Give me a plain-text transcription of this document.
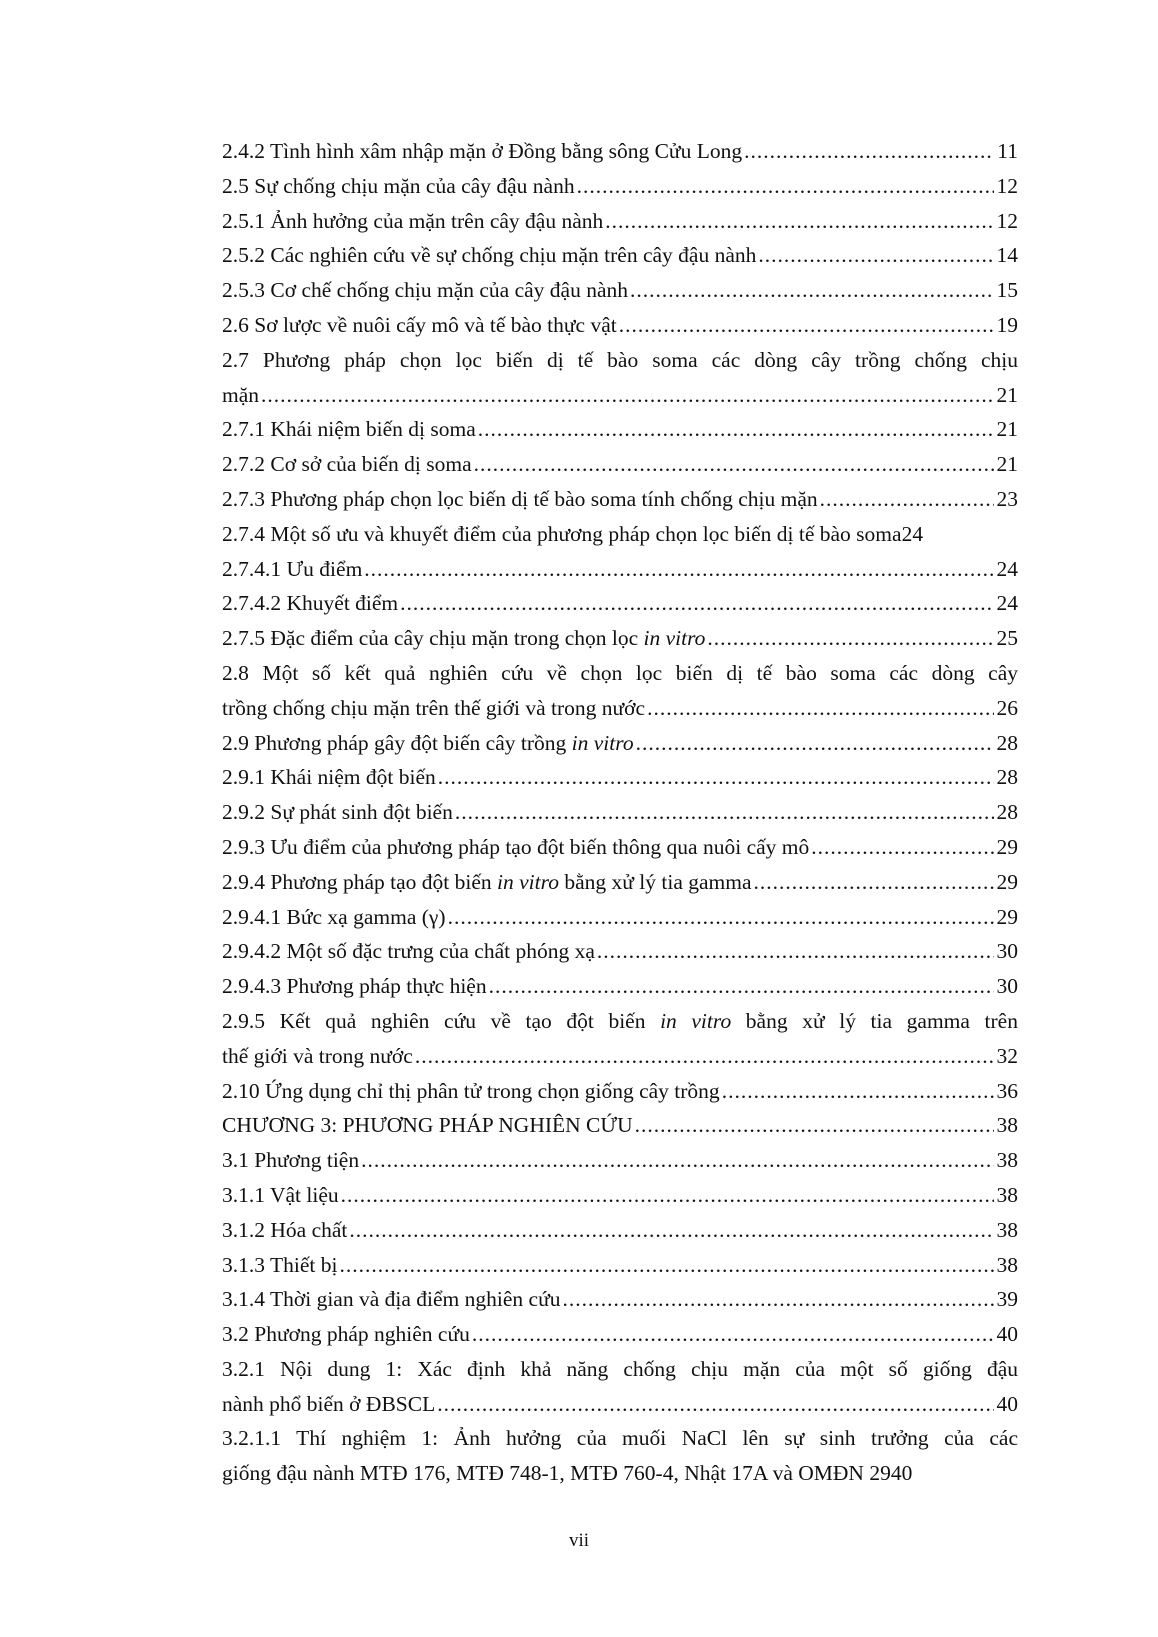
2.4.2 Tình hình xâm nhập mặn ở Đồng bằng sông Cửu Long .....	11
2.5 Sự chống chịu mặn của cây đậu nành .....	12
2.5.1 Ảnh hưởng của mặn trên cây đậu nành .....	12
2.5.2 Các nghiên cứu về sự chống chịu mặn trên cây đậu nành .....	14
2.5.3 Cơ chế chống chịu mặn của cây đậu nành .....	15
2.6 Sơ lược về nuôi cấy mô và tế bào thực vật .....	19
2.7 Phương pháp chọn lọc biến dị tế bào soma các dòng cây trồng chống chịu
mặn .....	21
2.7.1 Khái niệm biến dị soma .....	21
2.7.2 Cơ sở của biến dị soma .....	21
2.7.3 Phương pháp chọn lọc biến dị tế bào soma tính chống chịu mặn .....	23
2.7.4 Một số ưu và khuyết điểm của phương pháp chọn lọc biến dị tế bào soma 24
2.7.4.1 Ưu điểm .....	24
2.7.4.2 Khuyết điểm .....	24
2.7.5 Đặc điểm của cây chịu mặn trong chọn lọc in vitro .....	25
2.8 Một số kết quả nghiên cứu về chọn lọc biến dị tế bào soma các dòng cây
trồng chống chịu mặn trên thế giới và trong nước .....	26
2.9 Phương pháp gây đột biến cây trồng in vitro .....	28
2.9.1 Khái niệm đột biến .....	28
2.9.2 Sự phát sinh đột biến .....	28
2.9.3 Ưu điểm của phương pháp tạo đột biến thông qua nuôi cấy mô .....	29
2.9.4 Phương pháp tạo đột biến in vitro bằng xử lý tia gamma .....	29
2.9.4.1 Bức xạ gamma (γ) .....	29
2.9.4.2 Một số đặc trưng của chất phóng xạ .....	30
2.9.4.3 Phương pháp thực hiện .....	30
2.9.5 Kết quả nghiên cứu về tạo đột biến in vitro bằng xử lý tia gamma trên
thế giới và trong nước .....	32
2.10 Ứng dụng chỉ thị phân tử trong chọn giống cây trồng .....	36
CHƯƠNG 3: PHƯƠNG PHÁP NGHIÊN CỨU .....	38
3.1 Phương tiện .....	38
3.1.1 Vật liệu .....	38
3.1.2 Hóa chất .....	38
3.1.3 Thiết bị .....	38
3.1.4 Thời gian và địa điểm nghiên cứu .....	39
3.2 Phương pháp nghiên cứu .....	40
3.2.1 Nội dung 1: Xác định khả năng chống chịu mặn của một số giống đậu
nành phổ biến ở ĐBSCL .....	40
3.2.1.1 Thí nghiệm 1: Ảnh hưởng của muối NaCl lên sự sinh trưởng của các
giống đậu nành MTĐ 176, MTĐ 748-1, MTĐ 760-4, Nhật 17A và OMĐN 2940
vii
